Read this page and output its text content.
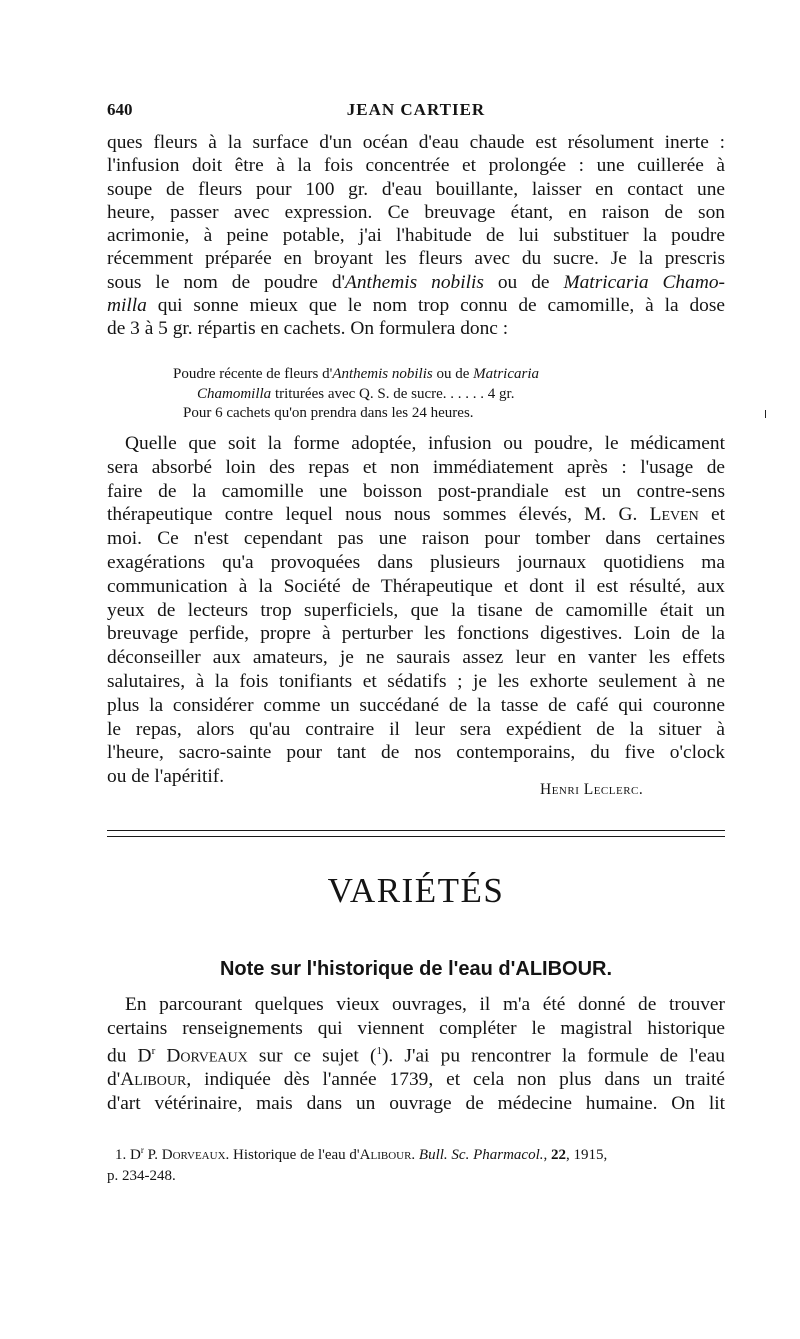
640	JEAN CARTIER
ques fleurs à la surface d'un océan d'eau chaude est résolument inerte :
l'infusion doit être à la fois concentrée et prolongée : une cuillerée à
soupe de fleurs pour 100 gr. d'eau bouillante, laisser en contact une
heure, passer avec expression. Ce breuvage étant, en raison de son
acrimonie, à peine potable, j'ai l'habitude de lui substituer la poudre
récemment préparée en broyant les fleurs avec du sucre. Je la prescris
sous le nom de poudre d'Anthemis nobilis ou de Matricaria Chamo-
milla qui sonne mieux que le nom trop connu de camomille, à la dose
de 3 à 5 gr. répartis en cachets. On formulera donc :
Poudre récente de fleurs d'Anthemis nobilis ou de Matricaria
Chamomilla triturées avec Q. S. de sucre. . . . . . 4 gr.
Pour 6 cachets qu'on prendra dans les 24 heures.
Quelle que soit la forme adoptée, infusion ou poudre, le médicament
sera absorbé loin des repas et non immédiatement après : l'usage de
faire de la camomille une boisson post-prandiale est un contre-sens
thérapeutique contre lequel nous nous sommes élevés, M. G. Leven et
moi. Ce n'est cependant pas une raison pour tomber dans certaines
exagérations qu'a provoquées dans plusieurs journaux quotidiens ma
communication à la Société de Thérapeutique et dont il est résulté, aux
yeux de lecteurs trop superficiels, que la tisane de camomille était un
breuvage perfide, propre à perturber les fonctions digestives. Loin de la
déconseiller aux amateurs, je ne saurais assez leur en vanter les effets
salutaires, à la fois tonifiants et sédatifs ; je les exhorte seulement à ne
plus la considérer comme un succédané de la tasse de café qui couronne
le repas, alors qu'au contraire il leur sera expédient de la situer à
l'heure, sacro-sainte pour tant de nos contemporains, du five o'clock
ou de l'apéritif.
Henri Leclerc.
VARIÉTÉS
Note sur l'historique de l'eau d'ALIBOUR.
En parcourant quelques vieux ouvrages, il m'a été donné de trouver
certains renseignements qui viennent compléter le magistral historique
du $D^r$ Dorveaux sur ce sujet ($^1$). J'ai pu rencontrer la formule de l'eau
d'Alibour, indiquée dès l'année 1739, et cela non plus dans un traité
d'art vétérinaire, mais dans un ouvrage de médecine humaine. On lit
1. $D^r$ P. Dorveaux. Historique de l'eau d'Alibour. Bull. Sc. Pharmacol., 22, 1915,
p. 234-248.
